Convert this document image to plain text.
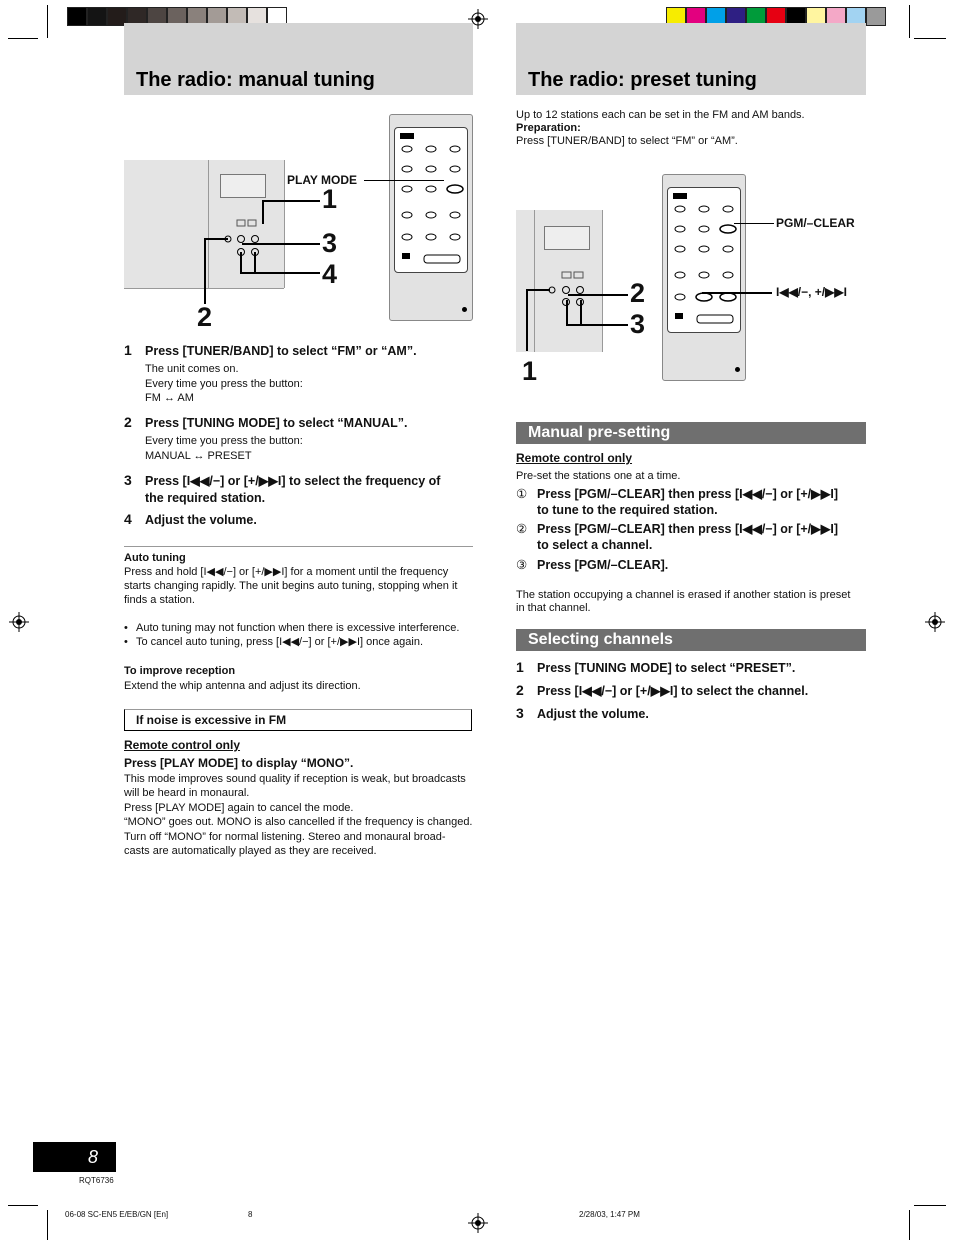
The radio: manual tuning
PLAY MODE
1
3
4
2
1 Press [TUNER/BAND] to select “FM” or “AM”.
The unit comes on.
Every time you press the button:
FM ↔ AM
2 Press [TUNING MODE] to select “MANUAL”.
Every time you press the button:
MANUAL ↔ PRESET
3 Press [I◀◀/−] or [+/▶▶I] to select the frequency of
the required station.
4 Adjust the volume.
Auto tuning
Press and hold [I◀◀/−] or [+/▶▶I] for a moment until the frequency
starts changing rapidly. The unit begins auto tuning, stopping when it
finds a station.
• Auto tuning may not function when there is excessive interference.
• To cancel auto tuning, press [I◀◀/−] or [+/▶▶I] once again.
To improve reception
Extend the whip antenna and adjust its direction.
If noise is excessive in FM
Remote control only
Press [PLAY MODE] to display “MONO”.
This mode improves sound quality if reception is weak, but broadcasts
will be heard in monaural.
Press [PLAY MODE] again to cancel the mode.
“MONO” goes out. MONO is also cancelled if the frequency is changed.
Turn off “MONO” for normal listening. Stereo and monaural broad-
casts are automatically played as they are received.
The radio: preset tuning
Up to 12 stations each can be set in the FM and AM bands.
Preparation:
Press [TUNER/BAND] to select “FM” or “AM”.
PGM/–CLEAR
I◀◀/−, +/▶▶I
2
3
1
Manual pre-setting
Remote control only
Pre-set the stations one at a time.
① Press [PGM/–CLEAR] then press [I◀◀/−] or [+/▶▶I]
to tune to the required station.
② Press [PGM/–CLEAR] then press [I◀◀/−] or [+/▶▶I]
to select a channel.
③ Press [PGM/–CLEAR].
The station occupying a channel is erased if another station is preset
in that channel.
Selecting channels
1 Press [TUNING MODE] to select “PRESET”.
2 Press [I◀◀/−] or [+/▶▶I] to select the channel.
3 Adjust the volume.
8
RQT6736
06-08 SC-EN5 E/EB/GN [En]	8	2/28/03, 1:47 PM
